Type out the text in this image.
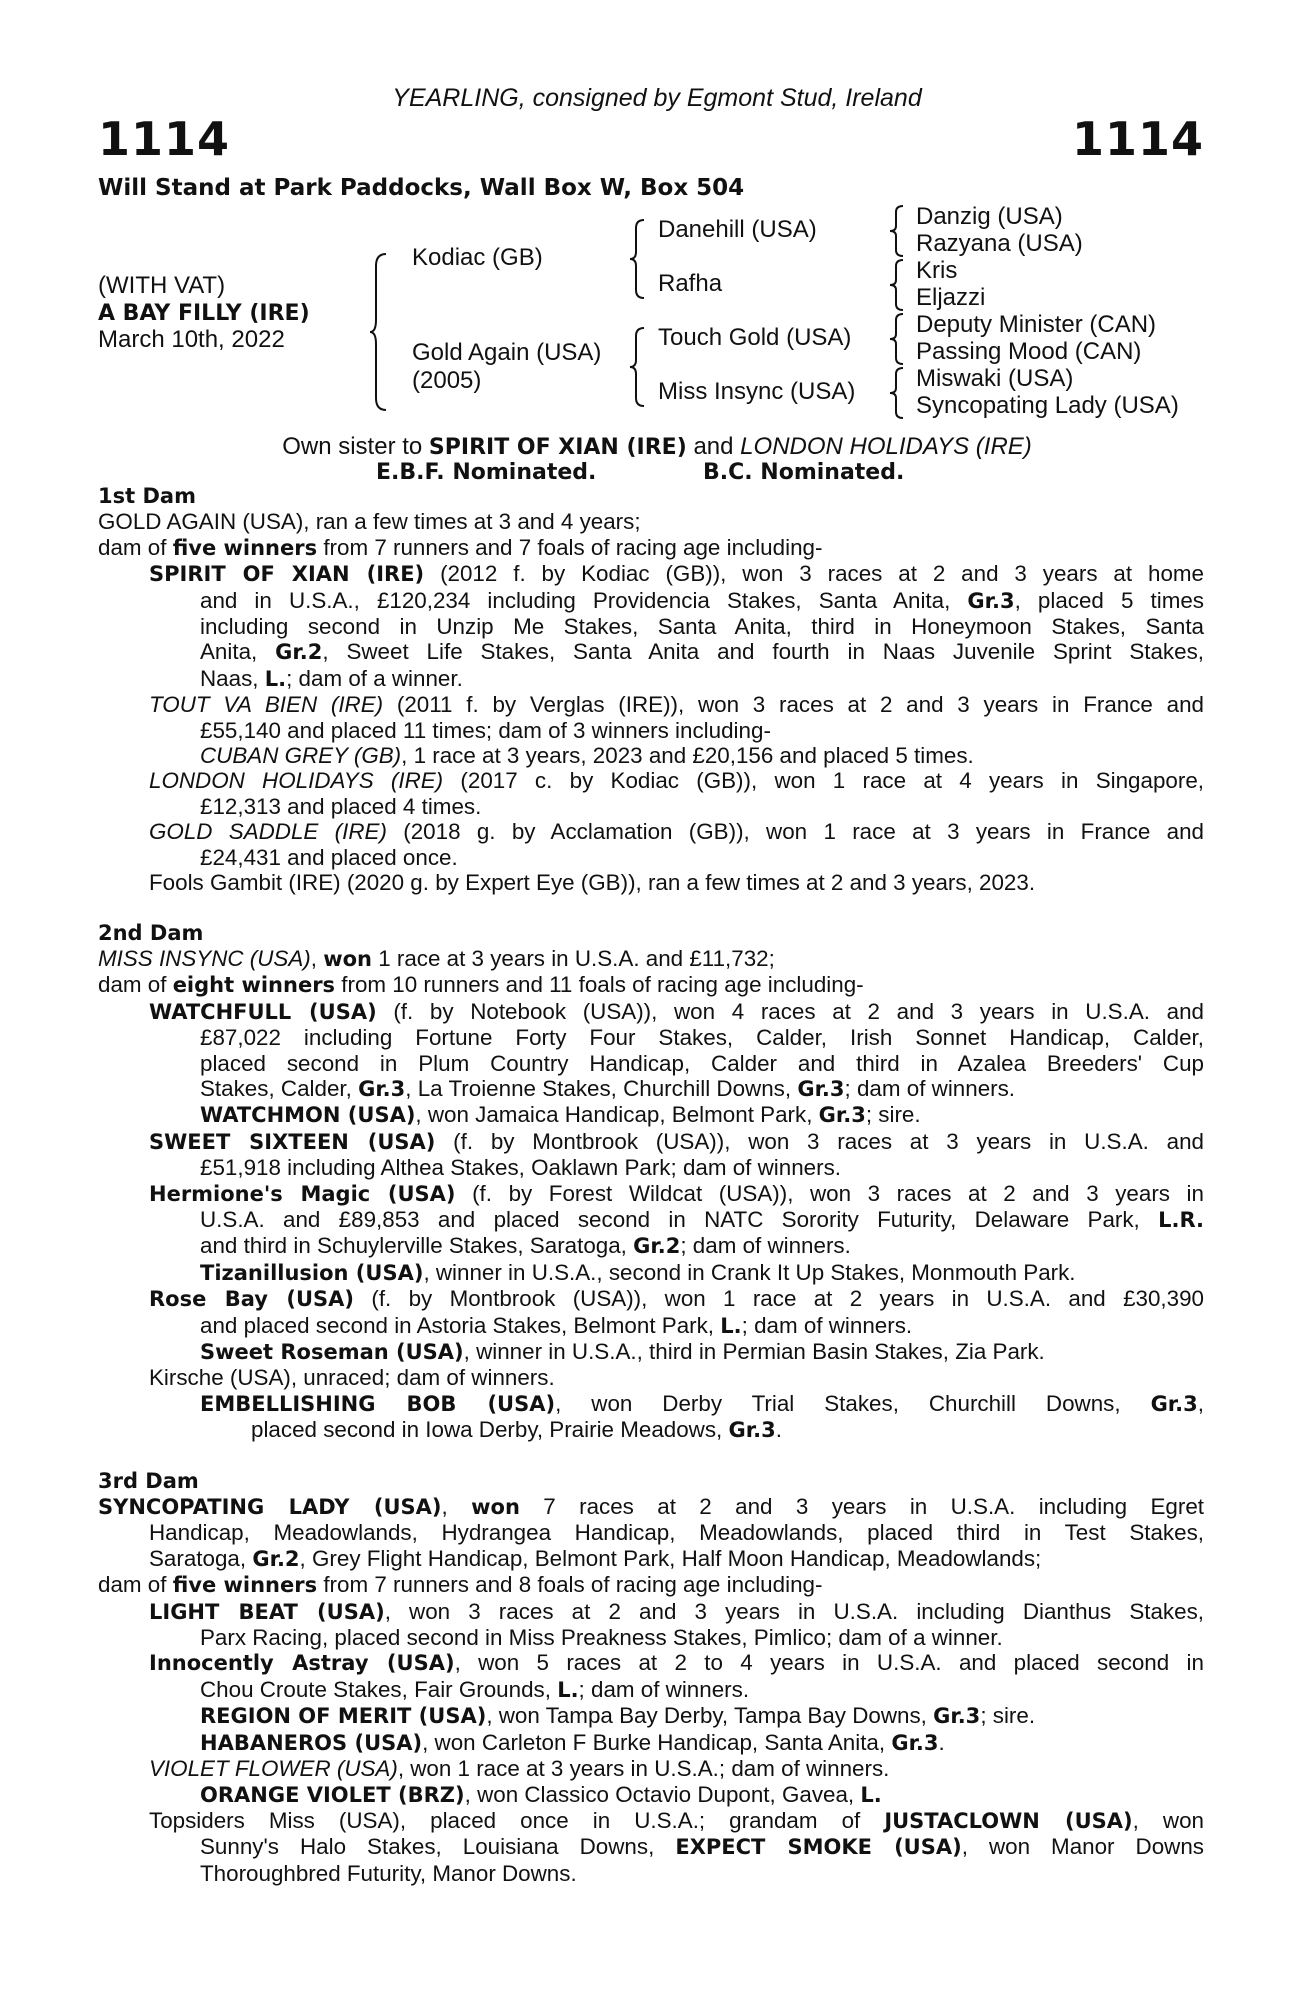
YEARLING, consigned by Egmont Stud, Ireland
1114	1114
Will Stand at Park Paddocks, Wall Box W, Box 504
(WITH VAT)
A BAY FILLY (IRE)
March 10th, 2022
Kodiac (GB)
Gold Again (USA)
(2005)
Danehill (USA)
Rafha
Touch Gold (USA)
Miss Insync (USA)
Danzig (USA)
Razyana (USA)
Kris
Eljazzi
Deputy Minister (CAN)
Passing Mood (CAN)
Miswaki (USA)
Syncopating Lady (USA)
Own sister to SPIRIT OF XIAN (IRE) and LONDON HOLIDAYS (IRE)
E.B.F. Nominated.	B.C. Nominated.
1st Dam
GOLD AGAIN (USA), ran a few times at 3 and 4 years;
dam of five winners from 7 runners and 7 foals of racing age including-
SPIRIT OF XIAN (IRE) (2012 f. by Kodiac (GB)), won 3 races at 2 and 3 years at home
and in U.S.A., £120,234 including Providencia Stakes, Santa Anita, Gr.3, placed 5 times
including second in Unzip Me Stakes, Santa Anita, third in Honeymoon Stakes, Santa
Anita, Gr.2, Sweet Life Stakes, Santa Anita and fourth in Naas Juvenile Sprint Stakes,
Naas, L.; dam of a winner.
TOUT VA BIEN (IRE) (2011 f. by Verglas (IRE)), won 3 races at 2 and 3 years in France and
£55,140 and placed 11 times; dam of 3 winners including-
CUBAN GREY (GB), 1 race at 3 years, 2023 and £20,156 and placed 5 times.
LONDON HOLIDAYS (IRE) (2017 c. by Kodiac (GB)), won 1 race at 4 years in Singapore,
£12,313 and placed 4 times.
GOLD SADDLE (IRE) (2018 g. by Acclamation (GB)), won 1 race at 3 years in France and
£24,431 and placed once.
Fools Gambit (IRE) (2020 g. by Expert Eye (GB)), ran a few times at 2 and 3 years, 2023.
2nd Dam
MISS INSYNC (USA), won 1 race at 3 years in U.S.A. and £11,732;
dam of eight winners from 10 runners and 11 foals of racing age including-
WATCHFULL (USA) (f. by Notebook (USA)), won 4 races at 2 and 3 years in U.S.A. and
£87,022 including Fortune Forty Four Stakes, Calder, Irish Sonnet Handicap, Calder,
placed second in Plum Country Handicap, Calder and third in Azalea Breeders' Cup
Stakes, Calder, Gr.3, La Troienne Stakes, Churchill Downs, Gr.3; dam of winners.
WATCHMON (USA), won Jamaica Handicap, Belmont Park, Gr.3; sire.
SWEET SIXTEEN (USA) (f. by Montbrook (USA)), won 3 races at 3 years in U.S.A. and
£51,918 including Althea Stakes, Oaklawn Park; dam of winners.
Hermione's Magic (USA) (f. by Forest Wildcat (USA)), won 3 races at 2 and 3 years in
U.S.A. and £89,853 and placed second in NATC Sorority Futurity, Delaware Park, L.R.
and third in Schuylerville Stakes, Saratoga, Gr.2; dam of winners.
Tizanillusion (USA), winner in U.S.A., second in Crank It Up Stakes, Monmouth Park.
Rose Bay (USA) (f. by Montbrook (USA)), won 1 race at 2 years in U.S.A. and £30,390
and placed second in Astoria Stakes, Belmont Park, L.; dam of winners.
Sweet Roseman (USA), winner in U.S.A., third in Permian Basin Stakes, Zia Park.
Kirsche (USA), unraced; dam of winners.
EMBELLISHING BOB (USA), won Derby Trial Stakes, Churchill Downs, Gr.3,
placed second in Iowa Derby, Prairie Meadows, Gr.3.
3rd Dam
SYNCOPATING LADY (USA), won 7 races at 2 and 3 years in U.S.A. including Egret
Handicap, Meadowlands, Hydrangea Handicap, Meadowlands, placed third in Test Stakes,
Saratoga, Gr.2, Grey Flight Handicap, Belmont Park, Half Moon Handicap, Meadowlands;
dam of five winners from 7 runners and 8 foals of racing age including-
LIGHT BEAT (USA), won 3 races at 2 and 3 years in U.S.A. including Dianthus Stakes,
Parx Racing, placed second in Miss Preakness Stakes, Pimlico; dam of a winner.
Innocently Astray (USA), won 5 races at 2 to 4 years in U.S.A. and placed second in
Chou Croute Stakes, Fair Grounds, L.; dam of winners.
REGION OF MERIT (USA), won Tampa Bay Derby, Tampa Bay Downs, Gr.3; sire.
HABANEROS (USA), won Carleton F Burke Handicap, Santa Anita, Gr.3.
VIOLET FLOWER (USA), won 1 race at 3 years in U.S.A.; dam of winners.
ORANGE VIOLET (BRZ), won Classico Octavio Dupont, Gavea, L.
Topsiders Miss (USA), placed once in U.S.A.; grandam of JUSTACLOWN (USA), won
Sunny's Halo Stakes, Louisiana Downs, EXPECT SMOKE (USA), won Manor Downs
Thoroughbred Futurity, Manor Downs.
